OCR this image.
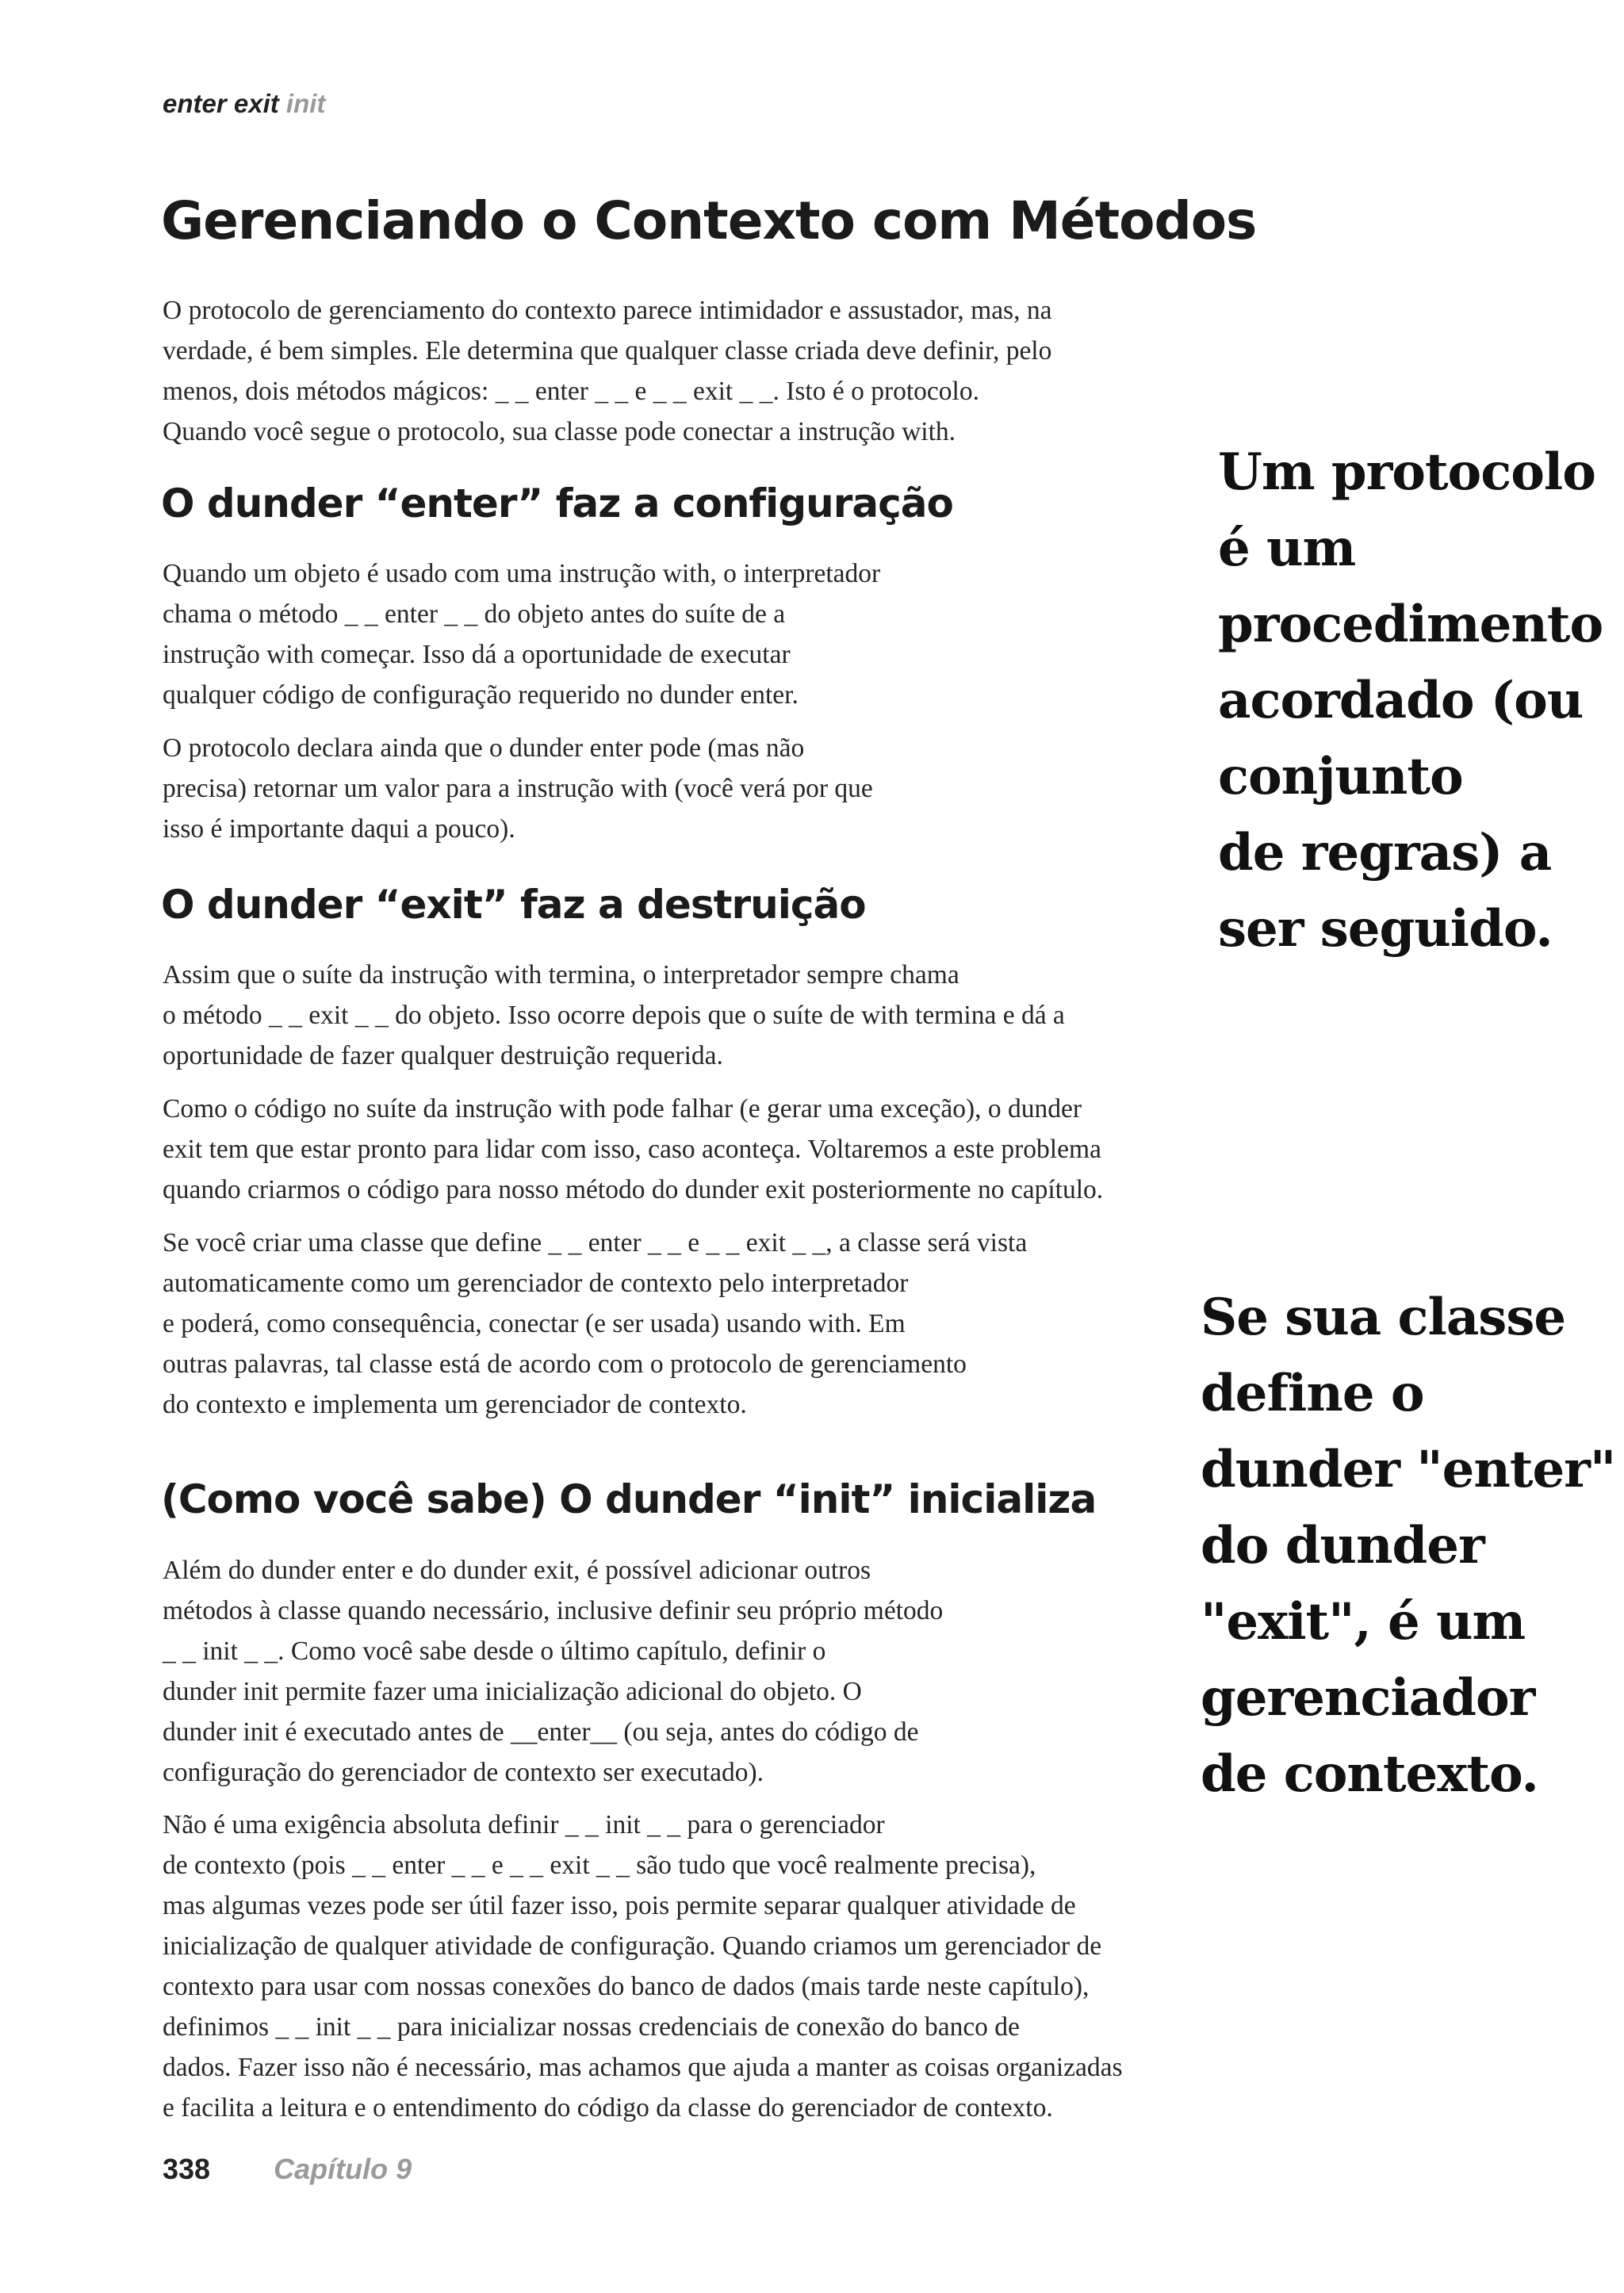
enter exit init
Gerenciando o Contexto com Métodos

O protocolo de gerenciamento do contexto parece intimidador e assustador, mas, na
verdade, é bem simples. Ele determina que qualquer classe criada deve definir, pelo
menos, dois métodos mágicos: _ _ enter _ _ e _ _ exit _ _. Isto é o protocolo.
Quando você segue o protocolo, sua classe pode conectar a instrução with.

O dunder “enter” faz a configuração

Quando um objeto é usado com uma instrução with, o interpretador
chama o método _ _ enter _ _ do objeto antes do suíte de a
instrução with começar. Isso dá a oportunidade de executar
qualquer código de configuração requerido no dunder enter.

O protocolo declara ainda que o dunder enter pode (mas não
precisa) retornar um valor para a instrução with (você verá por que
isso é importante daqui a pouco).

O dunder “exit” faz a destruição

Assim que o suíte da instrução with termina, o interpretador sempre chama
o método _ _ exit _ _ do objeto. Isso ocorre depois que o suíte de with termina e dá a
oportunidade de fazer qualquer destruição requerida.

Como o código no suíte da instrução with pode falhar (e gerar uma exceção), o dunder
exit tem que estar pronto para lidar com isso, caso aconteça. Voltaremos a este problema
quando criarmos o código para nosso método do dunder exit posteriormente no capítulo.

Se você criar uma classe que define _ _ enter _ _ e _ _ exit _ _, a classe será vista
automaticamente como um gerenciador de contexto pelo interpretador
e poderá, como consequência, conectar (e ser usada) usando with. Em
outras palavras, tal classe está de acordo com o protocolo de gerenciamento
do contexto e implementa um gerenciador de contexto.

(Como você sabe) O dunder “init” inicializa

Além do dunder enter e do dunder exit, é possível adicionar outros
métodos à classe quando necessário, inclusive definir seu próprio método
_ _ init _ _. Como você sabe desde o último capítulo, definir o
dunder init permite fazer uma inicialização adicional do objeto. O
dunder init é executado antes de __enter__ (ou seja, antes do código de
configuração do gerenciador de contexto ser executado).

Não é uma exigência absoluta definir _ _ init _ _ para o gerenciador
de contexto (pois _ _ enter _ _ e _ _ exit _ _ são tudo que você realmente precisa),
mas algumas vezes pode ser útil fazer isso, pois permite separar qualquer atividade de
inicialização de qualquer atividade de configuração. Quando criamos um gerenciador de
contexto para usar com nossas conexões do banco de dados (mais tarde neste capítulo),
definimos _ _ init _ _ para inicializar nossas credenciais de conexão do banco de
dados. Fazer isso não é necessário, mas achamos que ajuda a manter as coisas organizadas
e facilita a leitura e o entendimento do código da classe do gerenciador de contexto.

Um protocolo
é um
procedimento
acordado (ou
conjunto
de regras) a
ser seguido.
Se sua classe
define o
dunder "enter"
do dunder
"exit", é um
gerenciador
de contexto.
338 Capítulo 9
